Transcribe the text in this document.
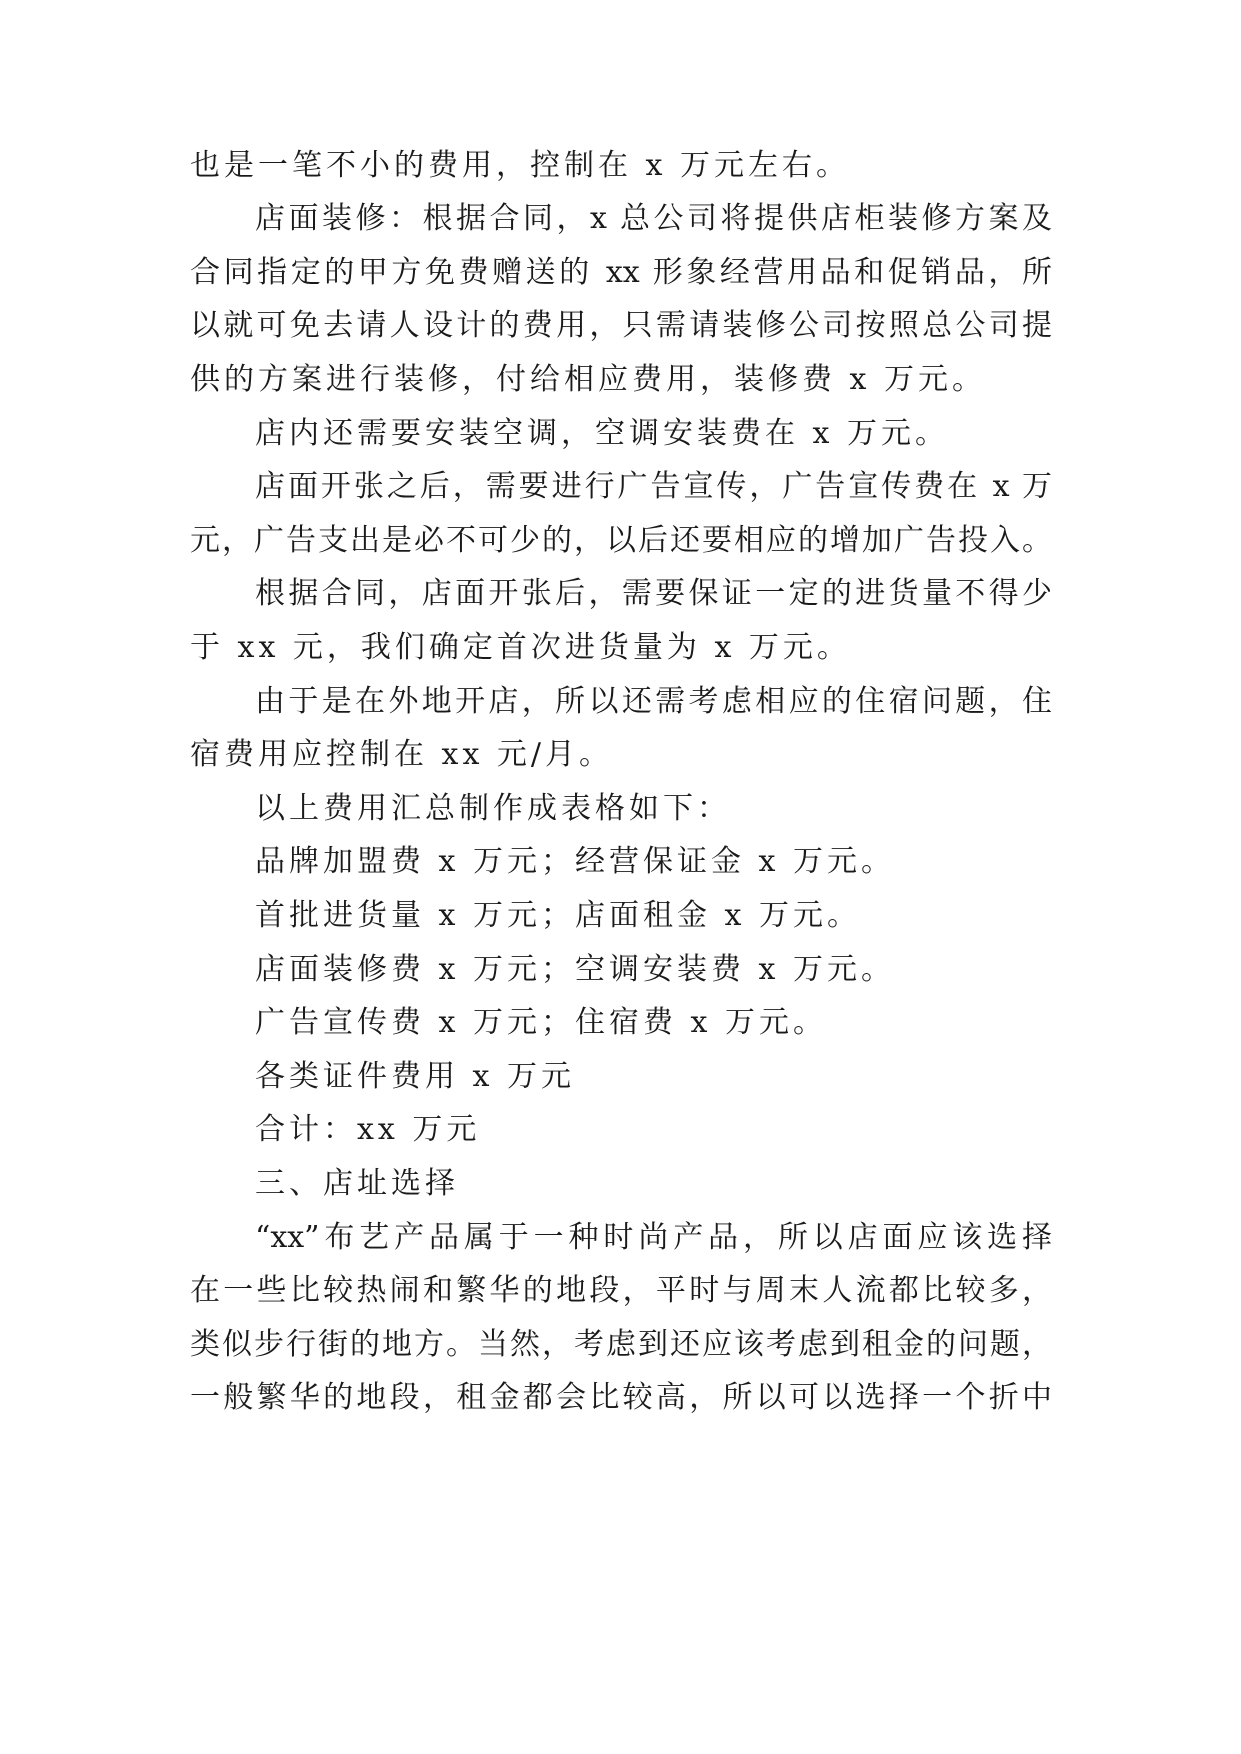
也是一笔不小的费用，控制在 x 万元左右。
店面装修：根据合同，x 总公司将提供店柜装修方案及
合同指定的甲方免费赠送的 xx 形象经营用品和促销品，所
以就可免去请人设计的费用，只需请装修公司按照总公司提
供的方案进行装修，付给相应费用，装修费 x 万元。
店内还需要安装空调，空调安装费在 x 万元。
店面开张之后，需要进行广告宣传，广告宣传费在 x 万
元，广告支出是必不可少的，以后还要相应的增加广告投入。
根据合同，店面开张后，需要保证一定的进货量不得少
于 xx 元，我们确定首次进货量为 x 万元。
由于是在外地开店，所以还需考虑相应的住宿问题，住
宿费用应控制在 xx 元/月。
以上费用汇总制作成表格如下：
品牌加盟费 x 万元；经营保证金 x 万元。
首批进货量 x 万元；店面租金 x 万元。
店面装修费 x 万元；空调安装费 x 万元。
广告宣传费 x 万元；住宿费 x 万元。
各类证件费用 x 万元
合计：xx 万元
三、店址选择
“xx”布艺产品属于一种时尚产品，所以店面应该选择
在一些比较热闹和繁华的地段，平时与周末人流都比较多，
类似步行街的地方。当然，考虑到还应该考虑到租金的问题，
一般繁华的地段，租金都会比较高，所以可以选择一个折中
